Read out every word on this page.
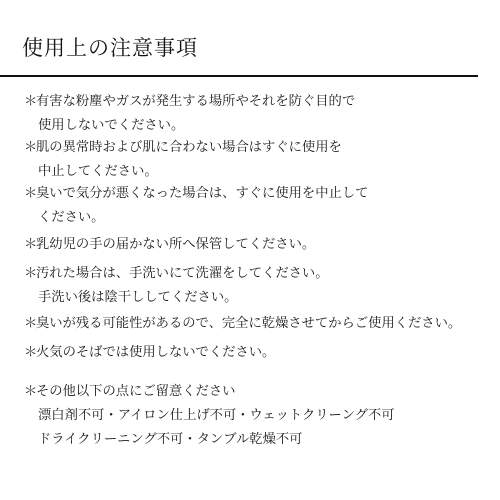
使用上の注意事項
＊有害な粉塵やガスが発生する場所やそれを防ぐ目的で
使用しないでください。
＊肌の異常時および肌に合わない場合はすぐに使用を
中止してください。
＊臭いで気分が悪くなった場合は、すぐに使用を中止して
ください。
＊乳幼児の手の届かない所へ保管してください。
＊汚れた場合は、手洗いにて洗濯をしてください。
手洗い後は陰干ししてください。
＊臭いが残る可能性があるので、完全に乾燥させてからご使用ください。
＊火気のそばでは使用しないでください。
＊その他以下の点にご留意ください
漂白剤不可・アイロン仕上げ不可・ウェットクリーング不可
ドライクリーニング不可・タンブル乾燥不可
